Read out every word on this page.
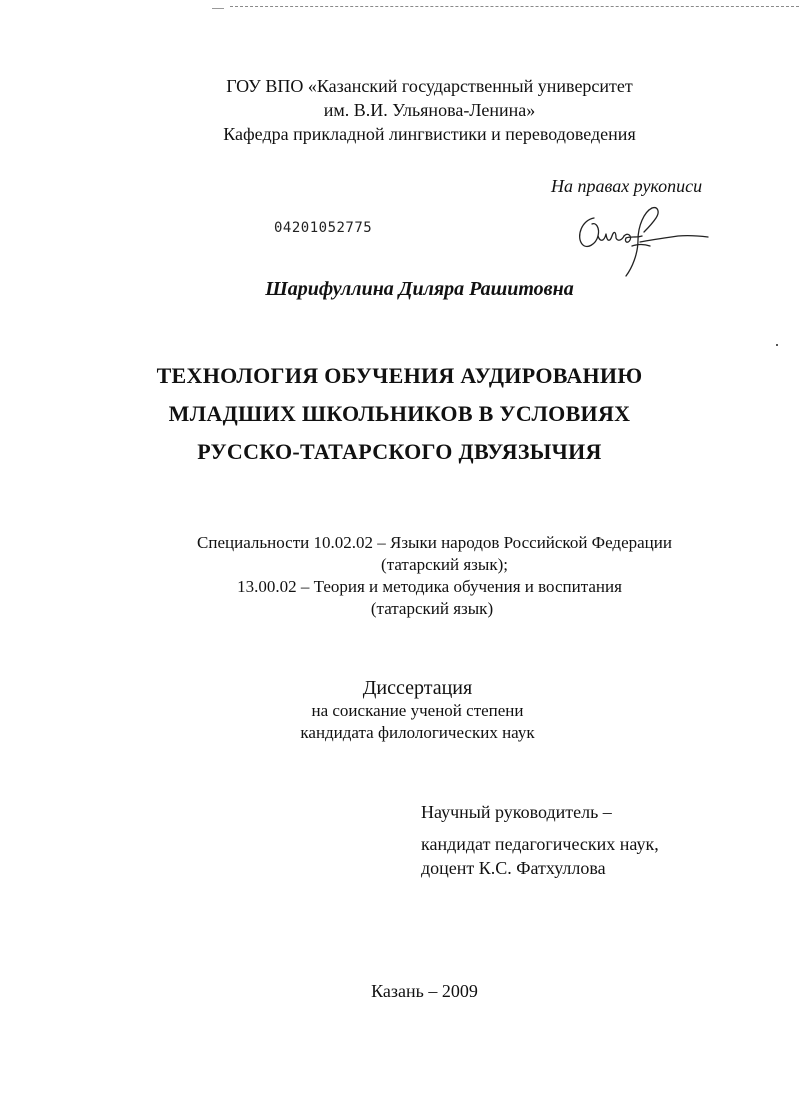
ГОУ ВПО «Казанский государственный университет
им. В.И. Ульянова-Ленина»
Кафедра прикладной лингвистики и переводоведения
На правах рукописи
04201052775
Шарифуллина Диляра Рашитовна
ТЕХНОЛОГИЯ ОБУЧЕНИЯ АУДИРОВАНИЮ
МЛАДШИХ ШКОЛЬНИКОВ В УСЛОВИЯХ
РУССКО-ТАТАРСКОГО ДВУЯЗЫЧИЯ
Специальности 10.02.02 – Языки народов Российской Федерации
(татарский язык);
13.00.02 – Теория и методика обучения и воспитания
(татарский язык)
Диссертация
на соискание ученой степени
кандидата филологических наук
Научный руководитель –
кандидат педагогических наук,
доцент К.С. Фатхуллова
Казань – 2009
